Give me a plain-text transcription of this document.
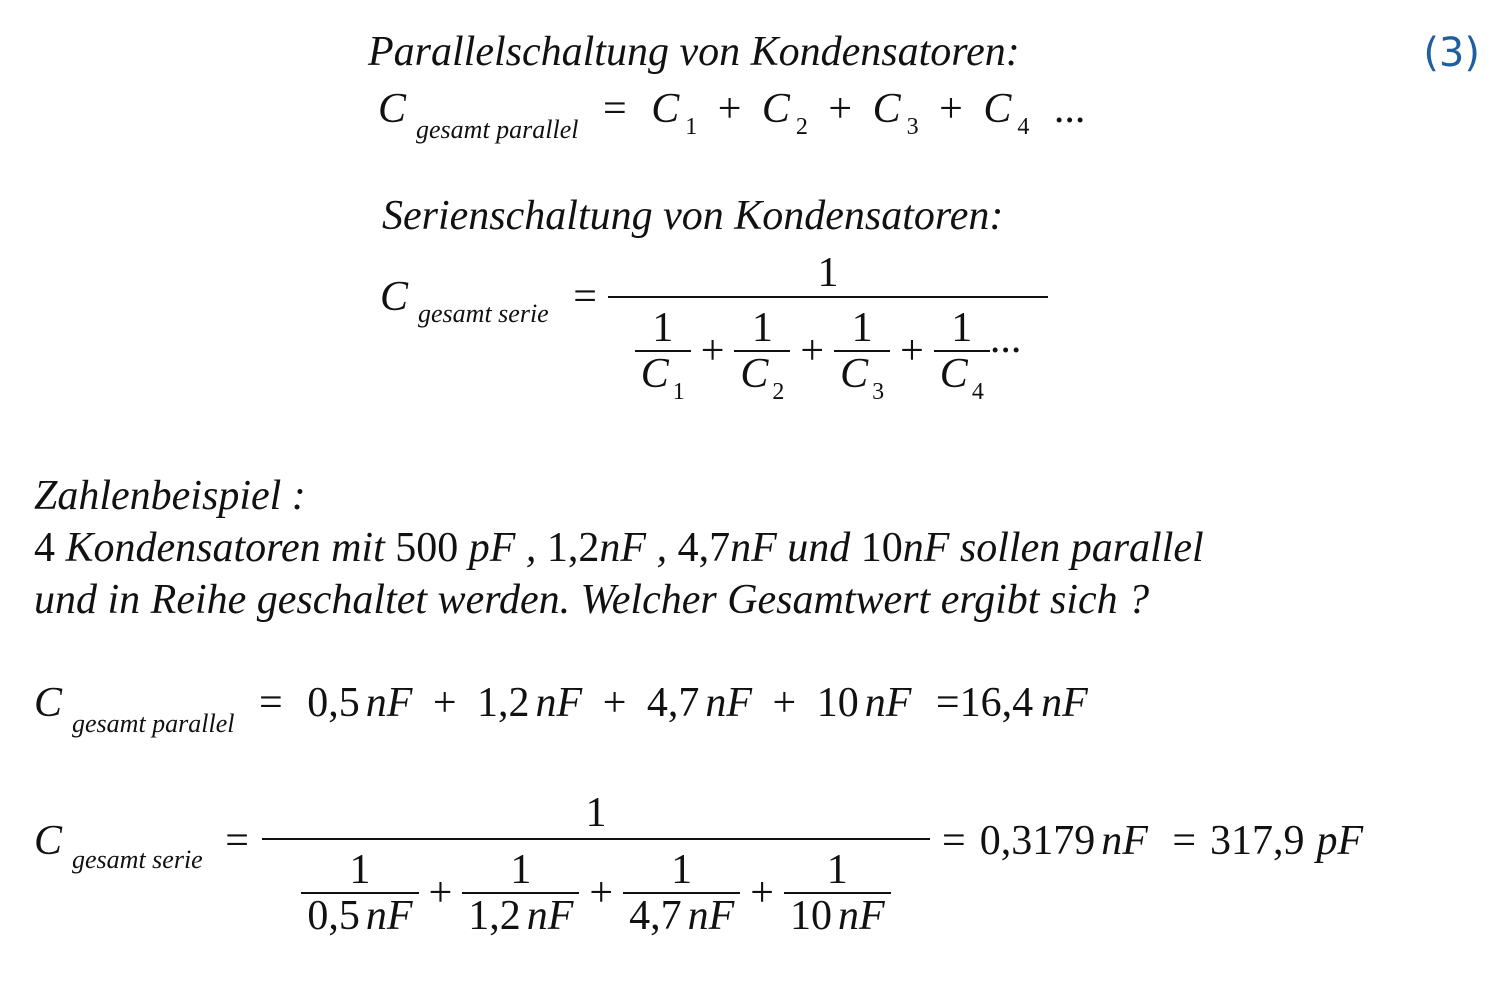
(3)
Parallelschaltung von Kondensatoren:
C $_{gesamt parallel}$ = C $_1$ + C $_2$ + C $_3$ + C $_4$ ...
Serienschaltung von Kondensatoren:
C $_{gesamt serie}$ =
1
$\frac{1}{C _1} + \frac{1}{C _2} + \frac{1}{C _3} + \frac{1}{C _4}$ ...
Zahlenbeispiel :
4 Kondensatoren mit 500 pF , 1,2nF , 4,7nF und 10nF sollen parallel
und in Reihe geschaltet werden. Welcher Gesamtwert ergibt sich ?
C $_{gesamt parallel}$ = 0,5 nF + 1,2 nF + 4,7 nF + 10 nF =16,4 nF
C $_{gesamt serie}$ =
1
$\frac{1}{0,5 nF} + \frac{1}{1,2 nF} + \frac{1}{4,7 nF} + \frac{1}{10 nF}$
= 0,3179 nF = 317,9 pF
